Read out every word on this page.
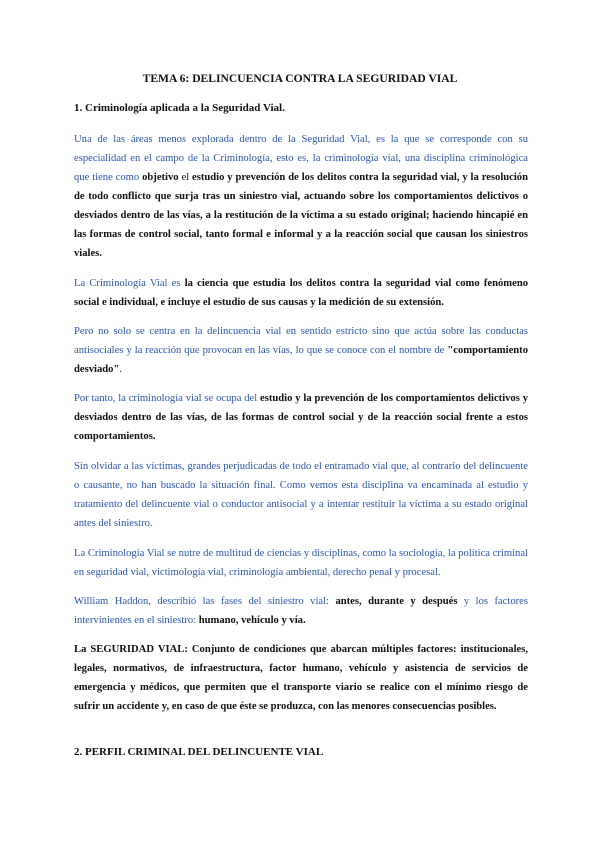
TEMA 6: DELINCUENCIA CONTRA LA SEGURIDAD VIAL
1. Criminología aplicada a la Seguridad Vial.

Una de las áreas menos explorada dentro de la Seguridad Vial, es la que se corresponde con su especialidad en el campo de la Criminología, esto es, la criminología vial, una disciplina criminológica que tiene como objetivo el estudio y prevención de los delitos contra la seguridad vial, y la resolución de todo conflicto que surja tras un siniestro vial, actuando sobre los comportamientos delictivos o desviados dentro de las vías, a la restitución de la víctima a su estado original; haciendo hincapié en las formas de control social, tanto formal e informal y a la reacción social que causan los siniestros viales.

La Criminología Vial es la ciencia que estudia los delitos contra la seguridad vial como fenómeno social e individual, e incluye el estudio de sus causas y la medición de su extensión.

Pero no solo se centra en la delincuencia vial en sentido estricto sino que actúa sobre las conductas antisociales y la reacción que provocan en las vías, lo que se conoce con el nombre de "comportamiento desviado".

Por tanto, la criminología vial se ocupa del estudio y la prevención de los comportamientos delictivos y desviados dentro de las vías, de las formas de control social y de la reacción social frente a estos comportamientos.

Sin olvidar a las víctimas, grandes perjudicadas de todo el entramado vial que, al contrario del delincuente o causante, no han buscado la situación final. Como vemos esta disciplina va encaminada al estudio y tratamiento del delincuente vial o conductor antisocial y a intentar restituir la víctima a su estado original antes del siniestro.

La Criminología Vial se nutre de multitud de ciencias y disciplinas, como la sociología, la política criminal en seguridad vial, victimología vial, criminología ambiental, derecho penal y procesal.

William Haddon, describió las fases del siniestro vial: antes, durante y después y los factores intervinientes en el siniestro: humano, vehículo y vía.

La SEGURIDAD VIAL: Conjunto de condiciones que abarcan múltiples factores: institucionales, legales, normativos, de infraestructura, factor humano, vehículo y asistencia de servicios de emergencia y médicos, que permiten que el transporte viario se realice con el mínimo riesgo de sufrir un accidente y, en caso de que éste se produzca, con las menores consecuencias posibles.

2. PERFIL CRIMINAL DEL DELINCUENTE VIAL
